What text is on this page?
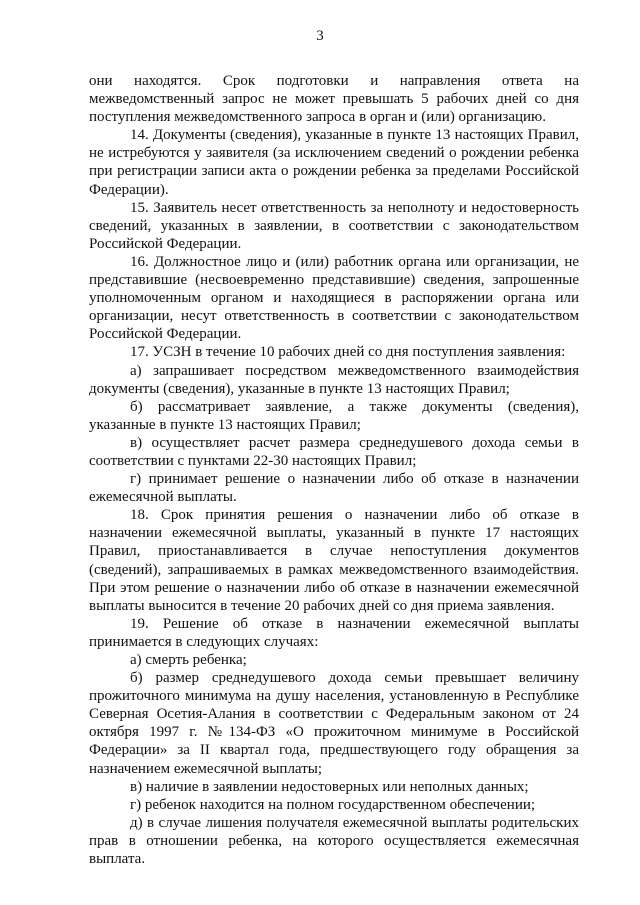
3

они находятся. Срок подготовки и направления ответа на межведомственный запрос не может превышать 5 рабочих дней со дня поступления межведомственного запроса в орган и (или) организацию.

14. Документы (сведения), указанные в пункте 13 настоящих Правил, не истребуются у заявителя (за исключением сведений о рождении ребенка при регистрации записи акта о рождении ребенка за пределами Российской Федерации).

15. Заявитель несет ответственность за неполноту и недостоверность сведений, указанных в заявлении, в соответствии с законодательством Российской Федерации.

16. Должностное лицо и (или) работник органа или организации, не представившие (несвоевременно представившие) сведения, запрошенные уполномоченным органом и находящиеся в распоряжении органа или организации, несут ответственность в соответствии с законодательством Российской Федерации.

17. УСЗН в течение 10 рабочих дней со дня поступления заявления:

а) запрашивает посредством межведомственного взаимодействия документы (сведения), указанные в пункте 13 настоящих Правил;

б) рассматривает заявление, а также документы (сведения), указанные в пункте 13 настоящих Правил;

в) осуществляет расчет размера среднедушевого дохода семьи в соответствии с пунктами 22-30 настоящих Правил;

г) принимает решение о назначении либо об отказе в назначении ежемесячной выплаты.

18. Срок принятия решения о назначении либо об отказе в назначении ежемесячной выплаты, указанный в пункте 17 настоящих Правил, приостанавливается в случае непоступления документов (сведений), запрашиваемых в рамках межведомственного взаимодействия. При этом решение о назначении либо об отказе в назначении ежемесячной выплаты выносится в течение 20 рабочих дней со дня приема заявления.

19. Решение об отказе в назначении ежемесячной выплаты принимается в следующих случаях:

а) смерть ребенка;

б) размер среднедушевого дохода семьи превышает величину прожиточного минимума на душу населения, установленную в Республике Северная Осетия-Алания в соответствии с Федеральным законом от 24 октября 1997 г. №134-ФЗ «О прожиточном минимуме в Российской Федерации» за II квартал года, предшествующего году обращения за назначением ежемесячной выплаты;

в) наличие в заявлении недостоверных или неполных данных;

г) ребенок находится на полном государственном обеспечении;

д) в случае лишения получателя ежемесячной выплаты родительских прав в отношении ребенка, на которого осуществляется ежемесячная выплата.
